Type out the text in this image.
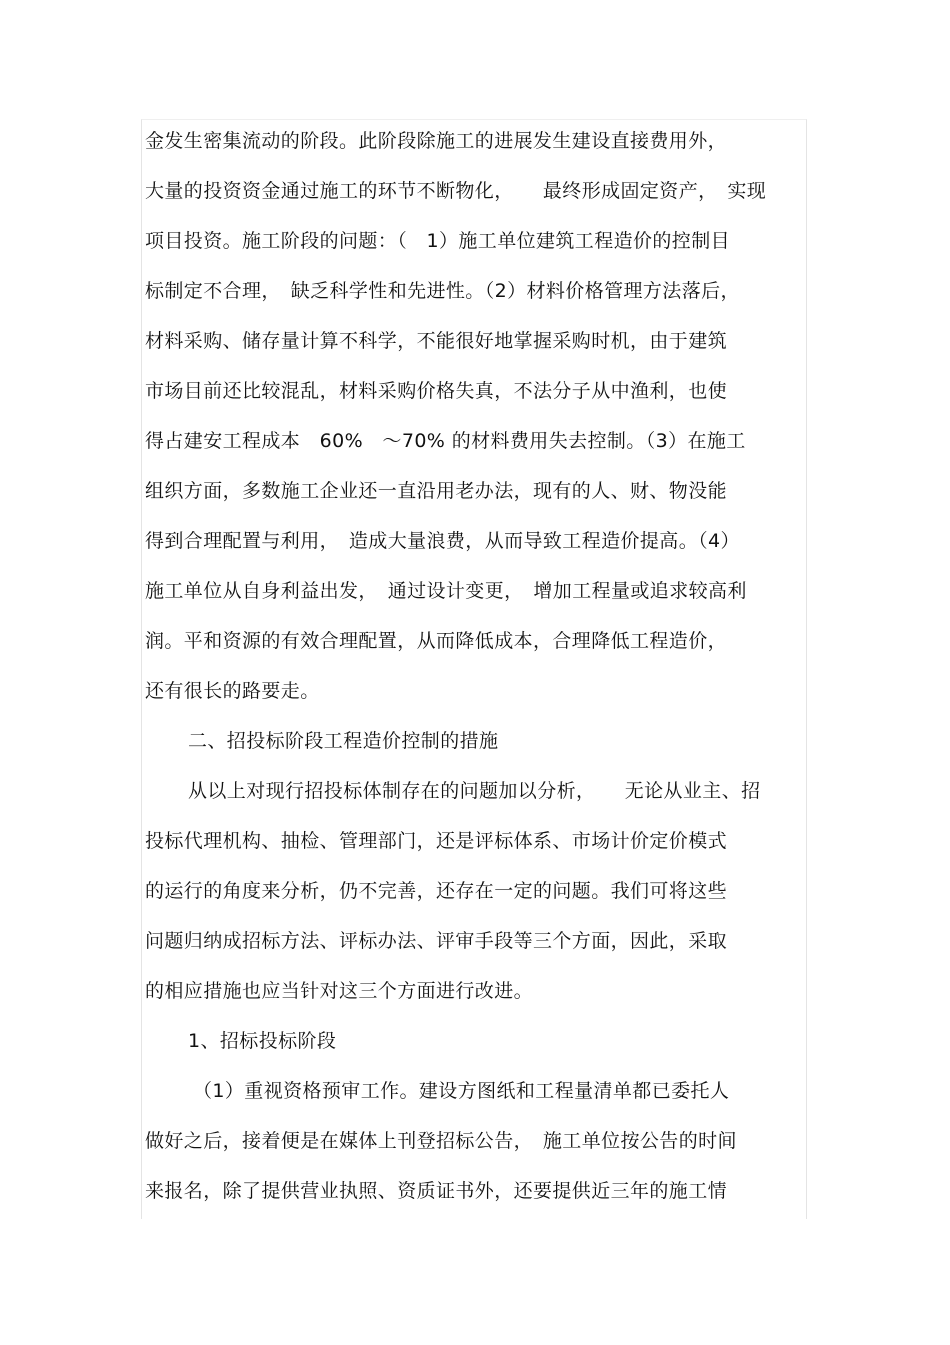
金发生密集流动的阶段。此阶段除施工的进展发生建设直接费用外，
大量的投资资金通过施工的环节不断物化，　　最终形成固定资产，　实现
项目投资。施工阶段的问题：（　1）施工单位建筑工程造价的控制目
标制定不合理，　缺乏科学性和先进性。（2）材料价格管理方法落后，
材料采购、储存量计算不科学，不能很好地掌握采购时机，由于建筑
市场目前还比较混乱，材料采购价格失真，不法分子从中渔利，也使
得占建安工程成本　60%　～70% 的材料费用失去控制。（3）在施工
组织方面，多数施工企业还一直沿用老办法，现有的人、财、物没能
得到合理配置与利用，　造成大量浪费，从而导致工程造价提高。（4）
施工单位从自身利益出发，　通过设计变更，　增加工程量或追求较高利
润。平和资源的有效合理配置，从而降低成本，合理降低工程造价，
还有很长的路要走。
二、招投标阶段工程造价控制的措施
从以上对现行招投标体制存在的问题加以分析，　　无论从业主、招
投标代理机构、抽检、管理部门，还是评标体系、市场计价定价模式
的运行的角度来分析，仍不完善，还存在一定的问题。我们可将这些
问题归纳成招标方法、评标办法、评审手段等三个方面，因此，采取
的相应措施也应当针对这三个方面进行改进。
1、招标投标阶段
（1）重视资格预审工作。建设方图纸和工程量清单都已委托人
做好之后，接着便是在媒体上刊登招标公告，　施工单位按公告的时间
来报名，除了提供营业执照、资质证书外，还要提供近三年的施工情
